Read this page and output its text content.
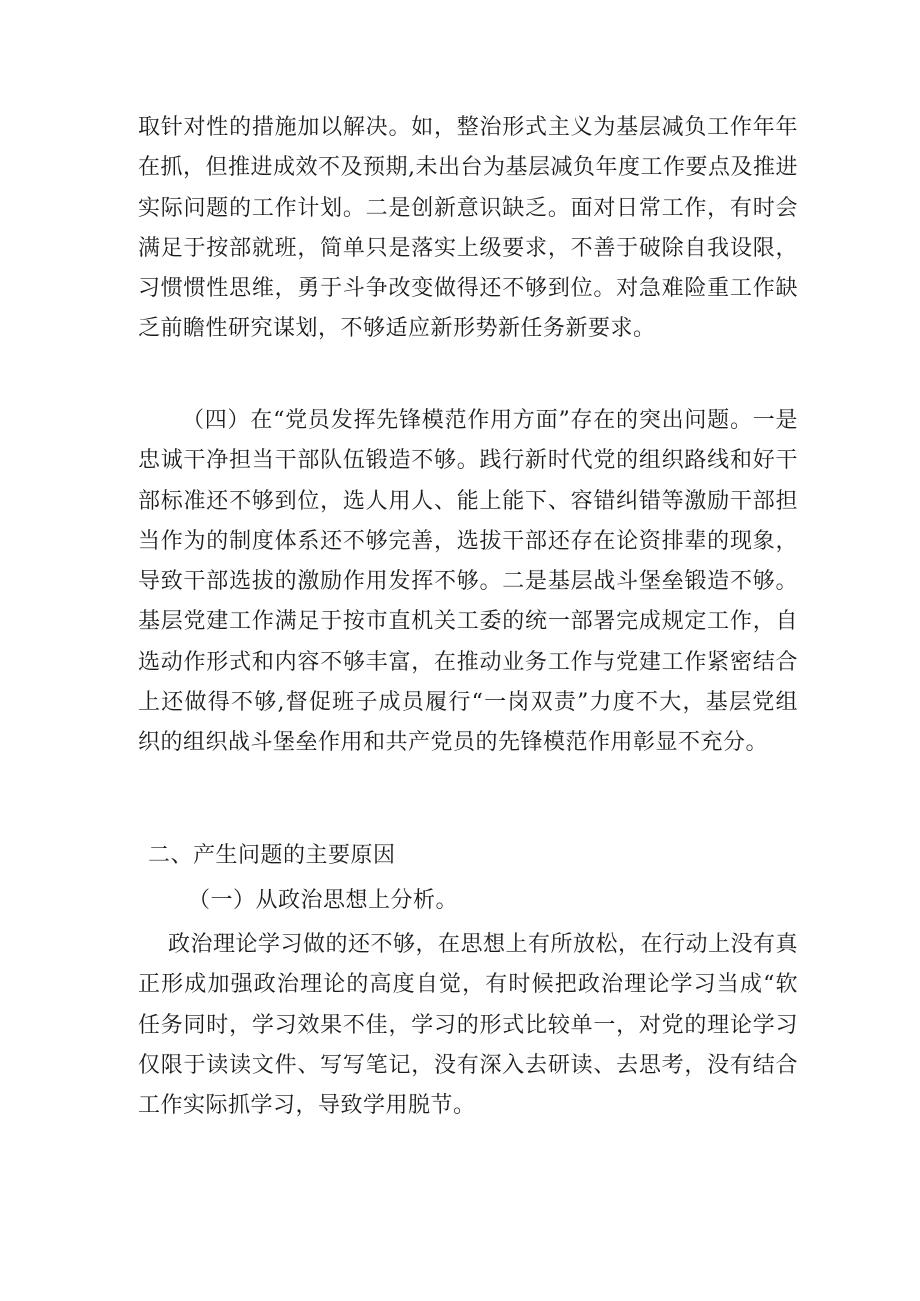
取针对性的措施加以解决。如，整治形式主义为基层减负工作年年在抓，但推进成效不及预期,未出台为基层减负年度工作要点及推进实际问题的工作计划。二是创新意识缺乏。面对日常工作，有时会满足于按部就班，简单只是落实上级要求，不善于破除自我设限，习惯惯性思维，勇于斗争改变做得还不够到位。对急难险重工作缺乏前瞻性研究谋划，不够适应新形势新任务新要求。

（四）在“党员发挥先锋模范作用方面”存在的突出问题。一是忠诚干净担当干部队伍锻造不够。践行新时代党的组织路线和好干部标准还不够到位，选人用人、能上能下、容错纠错等激励干部担当作为的制度体系还不够完善，选拔干部还存在论资排辈的现象，导致干部选拔的激励作用发挥不够。二是基层战斗堡垒锻造不够。基层党建工作满足于按市直机关工委的统一部署完成规定工作，自选动作形式和内容不够丰富，在推动业务工作与党建工作紧密结合上还做得不够,督促班子成员履行“一岗双责”力度不大，基层党组织的组织战斗堡垒作用和共产党员的先锋模范作用彰显不充分。

二、产生问题的主要原因

（一）从政治思想上分析。

政治理论学习做的还不够，在思想上有所放松，在行动上没有真正形成加强政治理论的高度自觉，有时候把政治理论学习当成“软任务同时，学习效果不佳，学习的形式比较单一，对党的理论学习仅限于读读文件、写写笔记，没有深入去研读、去思考，没有结合工作实际抓学习，导致学用脱节。
